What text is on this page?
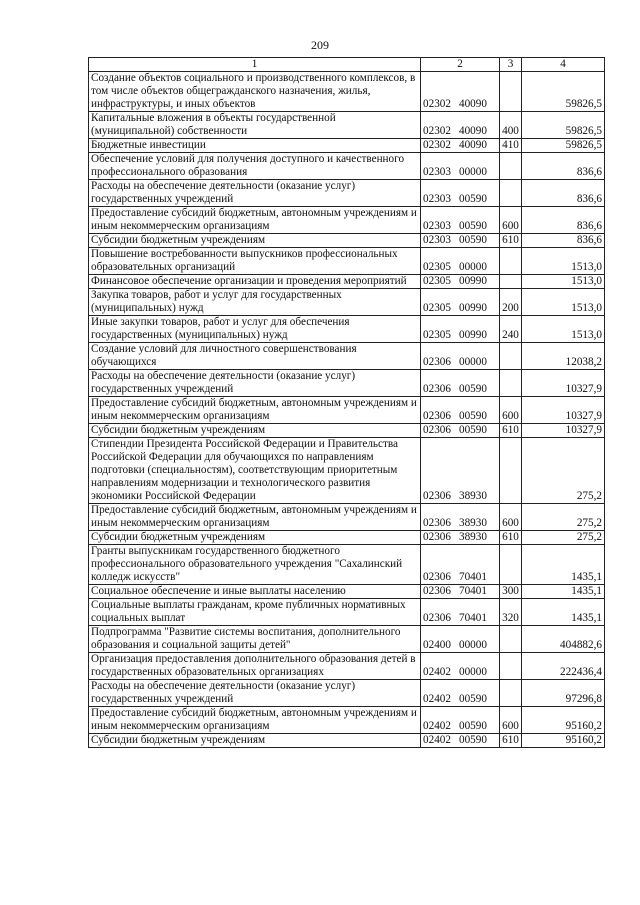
209
1	2	3	4
Создание объектов социального и производственного комплексов, в том числе объектов общегражданского назначения, жилья, инфраструктуры, и иных объектов	02302 40090		59826,5
Капитальные вложения в объекты государственной (муниципальной) собственности	02302 40090	400	59826,5
Бюджетные инвестиции	02302 40090	410	59826,5
Обеспечение условий для получения доступного и качественного профессионального образования	02303 00000		836,6
Расходы на обеспечение деятельности (оказание услуг) государственных учреждений	02303 00590		836,6
Предоставление субсидий бюджетным, автономным учреждениям и иным некоммерческим организациям	02303 00590	600	836,6
Субсидии бюджетным учреждениям	02303 00590	610	836,6
Повышение востребованности выпускников профессиональных образовательных организаций	02305 00000		1513,0
Финансовое обеспечение организации и проведения мероприятий	02305 00990		1513,0
Закупка товаров, работ и услуг для государственных (муниципальных) нужд	02305 00990	200	1513,0
Иные закупки товаров, работ и услуг для обеспечения государственных (муниципальных) нужд	02305 00990	240	1513,0
Создание условий для личностного совершенствования обучающихся	02306 00000		12038,2
Расходы на обеспечение деятельности (оказание услуг) государственных учреждений	02306 00590		10327,9
Предоставление субсидий бюджетным, автономным учреждениям и иным некоммерческим организациям	02306 00590	600	10327,9
Субсидии бюджетным учреждениям	02306 00590	610	10327,9
Стипендии Президента Российской Федерации и Правительства Российской Федерации для обучающихся по направлениям подготовки (специальностям), соответствующим приоритетным направлениям модернизации и технологического развития экономики Российской Федерации	02306 38930		275,2
Предоставление субсидий бюджетным, автономным учреждениям и иным некоммерческим организациям	02306 38930	600	275,2
Субсидии бюджетным учреждениям	02306 38930	610	275,2
Гранты выпускникам государственного бюджетного профессионального образовательного учреждения "Сахалинский колледж искусств"	02306 70401		1435,1
Социальное обеспечение и иные выплаты населению	02306 70401	300	1435,1
Социальные выплаты гражданам, кроме публичных нормативных социальных выплат	02306 70401	320	1435,1
Подпрограмма "Развитие системы воспитания, дополнительного образования и социальной защиты детей"	02400 00000		404882,6
Организация предоставления дополнительного образования детей в государственных образовательных организациях	02402 00000		222436,4
Расходы на обеспечение деятельности (оказание услуг) государственных учреждений	02402 00590		97296,8
Предоставление субсидий бюджетным, автономным учреждениям и иным некоммерческим организациям	02402 00590	600	95160,2
Субсидии бюджетным учреждениям	02402 00590	610	95160,2
